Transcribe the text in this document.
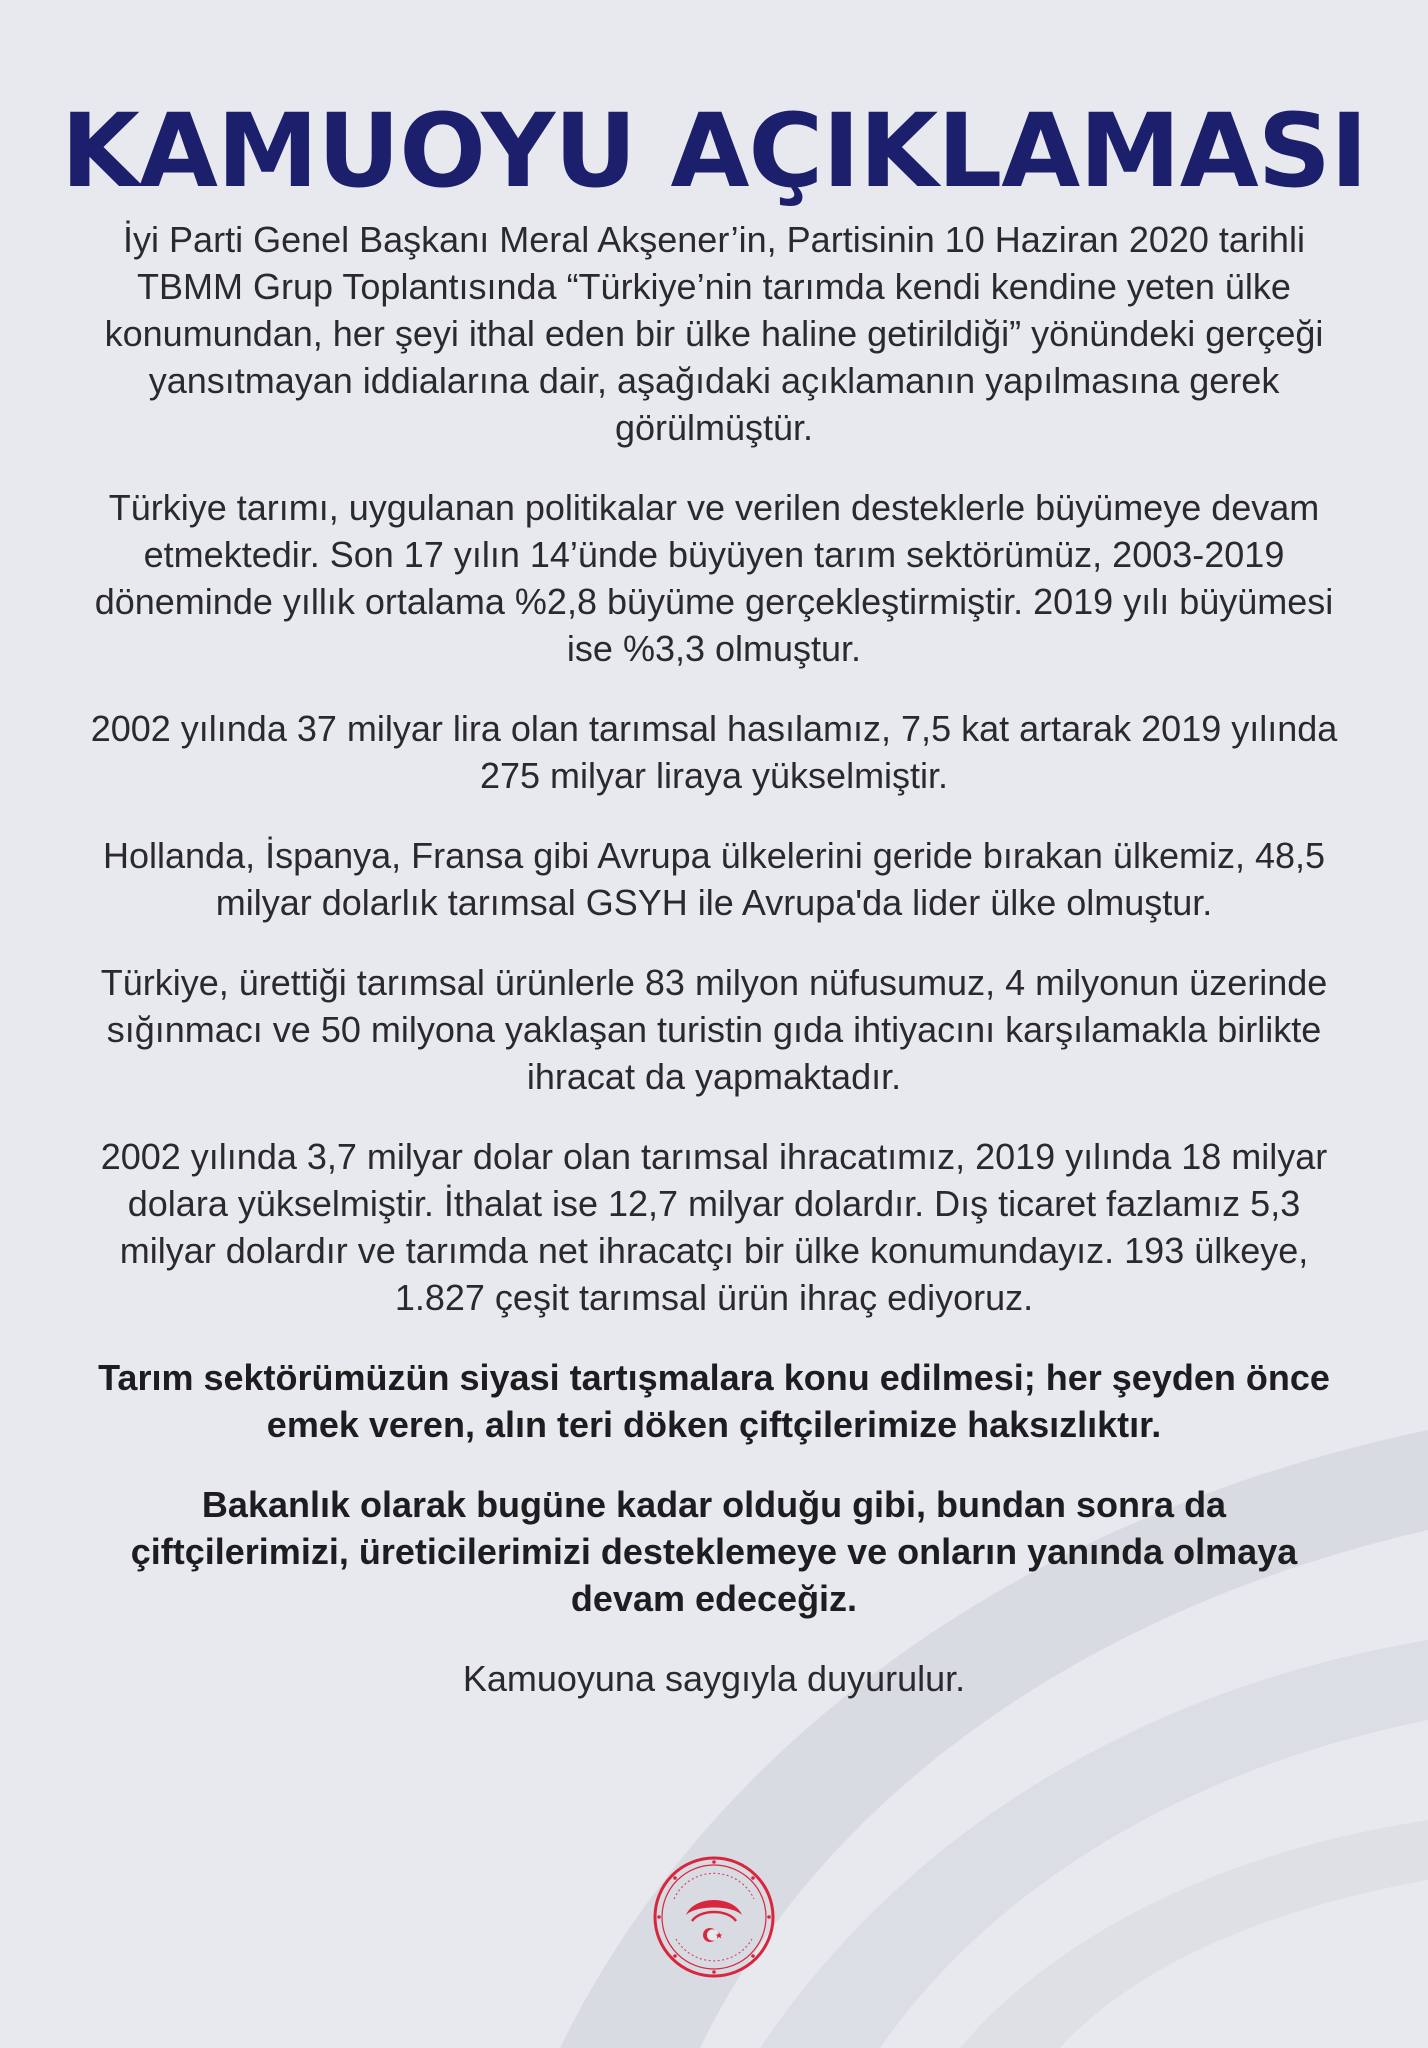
KAMUOYU AÇIKLAMASI

İyi Parti Genel Başkanı Meral Akşener’in, Partisinin 10 Haziran 2020 tarihli TBMM Grup Toplantısında “Türkiye’nin tarımda kendi kendine yeten ülke konumundan, her şeyi ithal eden bir ülke haline getirildiği” yönündeki gerçeği yansıtmayan iddialarına dair, aşağıdaki açıklamanın yapılmasına gerek görülmüştür.

Türkiye tarımı, uygulanan politikalar ve verilen desteklerle büyümeye devam etmektedir. Son 17 yılın 14’ünde büyüyen tarım sektörümüz, 2003-2019 döneminde yıllık ortalama %2,8 büyüme gerçekleştirmiştir. 2019 yılı büyümesi ise %3,3 olmuştur.

2002 yılında 37 milyar lira olan tarımsal hasılamız, 7,5 kat artarak 2019 yılında 275 milyar liraya yükselmiştir.

Hollanda, İspanya, Fransa gibi Avrupa ülkelerini geride bırakan ülkemiz, 48,5 milyar dolarlık tarımsal GSYH ile Avrupa'da lider ülke olmuştur.

Türkiye, ürettiği tarımsal ürünlerle 83 milyon nüfusumuz, 4 milyonun üzerinde sığınmacı ve 50 milyona yaklaşan turistin gıda ihtiyacını karşılamakla birlikte ihracat da yapmaktadır.

2002 yılında 3,7 milyar dolar olan tarımsal ihracatımız, 2019 yılında 18 milyar dolara yükselmiştir. İthalat ise 12,7 milyar dolardır. Dış ticaret fazlamız 5,3 milyar dolardır ve tarımda net ihracatçı bir ülke konumundayız. 193 ülkeye, 1.827 çeşit tarımsal ürün ihraç ediyoruz.

Tarım sektörümüzün siyasi tartışmalara konu edilmesi; her şeyden önce emek veren, alın teri döken çiftçilerimize haksızlıktır.

Bakanlık olarak bugüne kadar olduğu gibi, bundan sonra da çiftçilerimizi, üreticilerimizi desteklemeye ve onların yanında olmaya devam edeceğiz.

Kamuoyuna saygıyla duyurulur.
